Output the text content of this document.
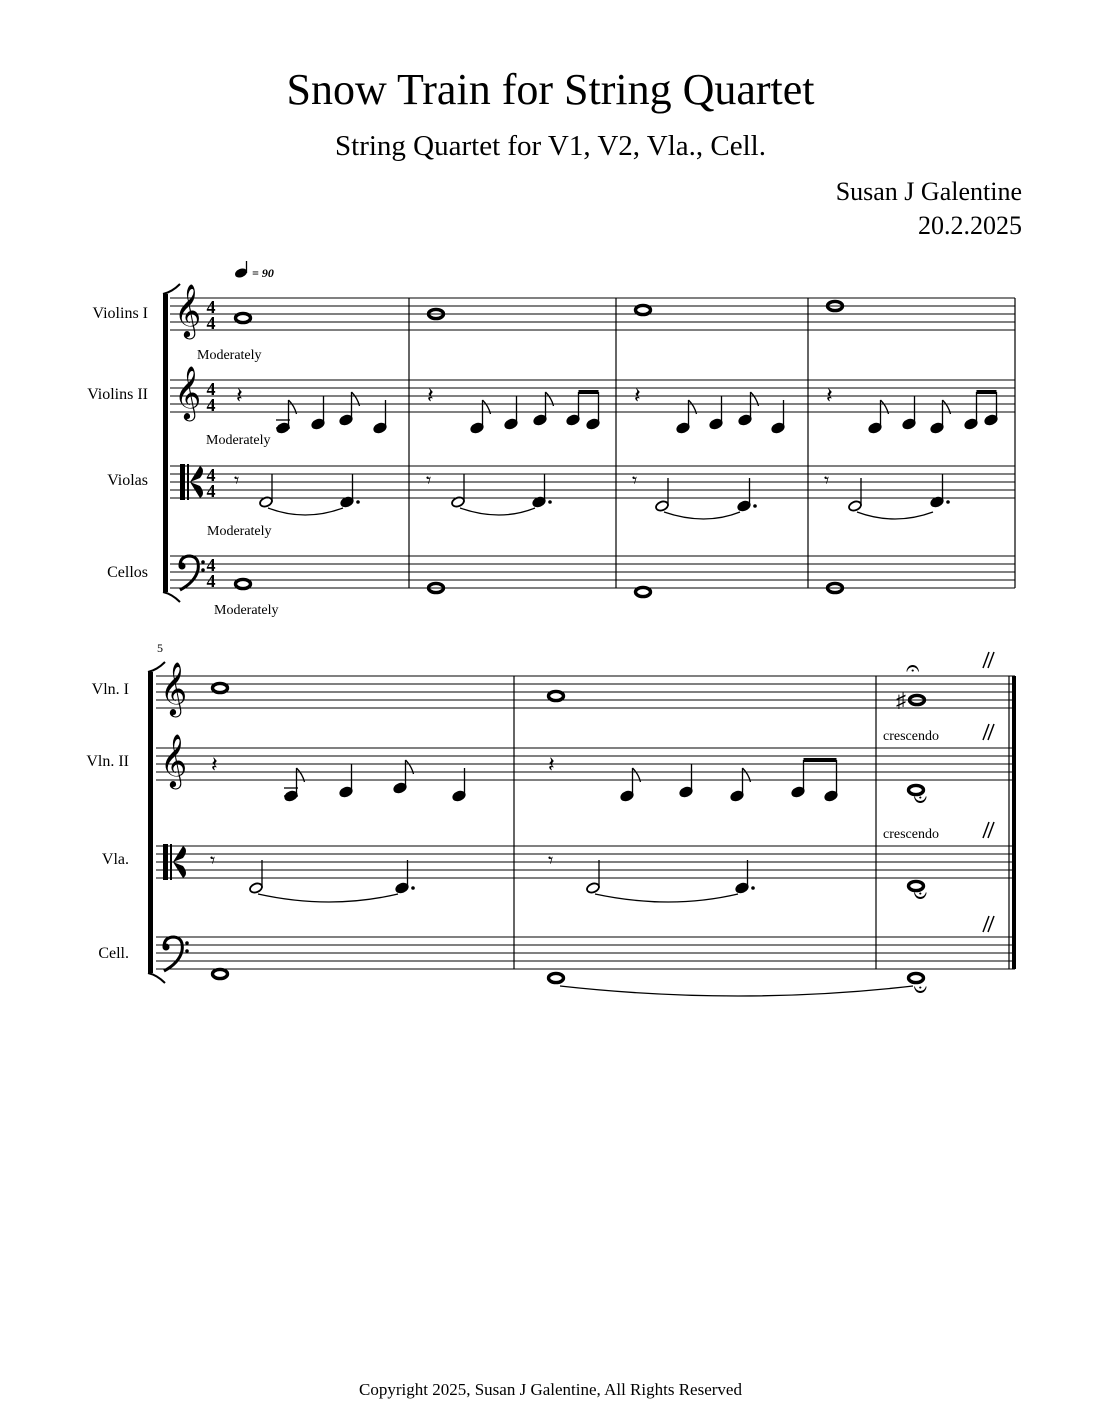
Snow Train for String Quartet
String Quartet for V1, V2, Vla., Cell.
Susan J Galentine
20.2.2025
= 90
Violins I
Violins II
Violas
Cellos
𝄞
𝄞
4
4
4
4
4
4
4
4
𝄽	𝄽	𝄽	𝄽
𝄾	𝄾	𝄾	𝄾
Moderately
Moderately
Moderately
Moderately
5
Vln. I
Vln. II
Vla.
Cell.
𝄞
𝄞
♯
𝄐
𝄽	𝄽
𝄐
𝄾	𝄾
𝄐
𝄐
crescendo
crescendo
Copyright 2025, Susan J Galentine, All Rights Reserved
